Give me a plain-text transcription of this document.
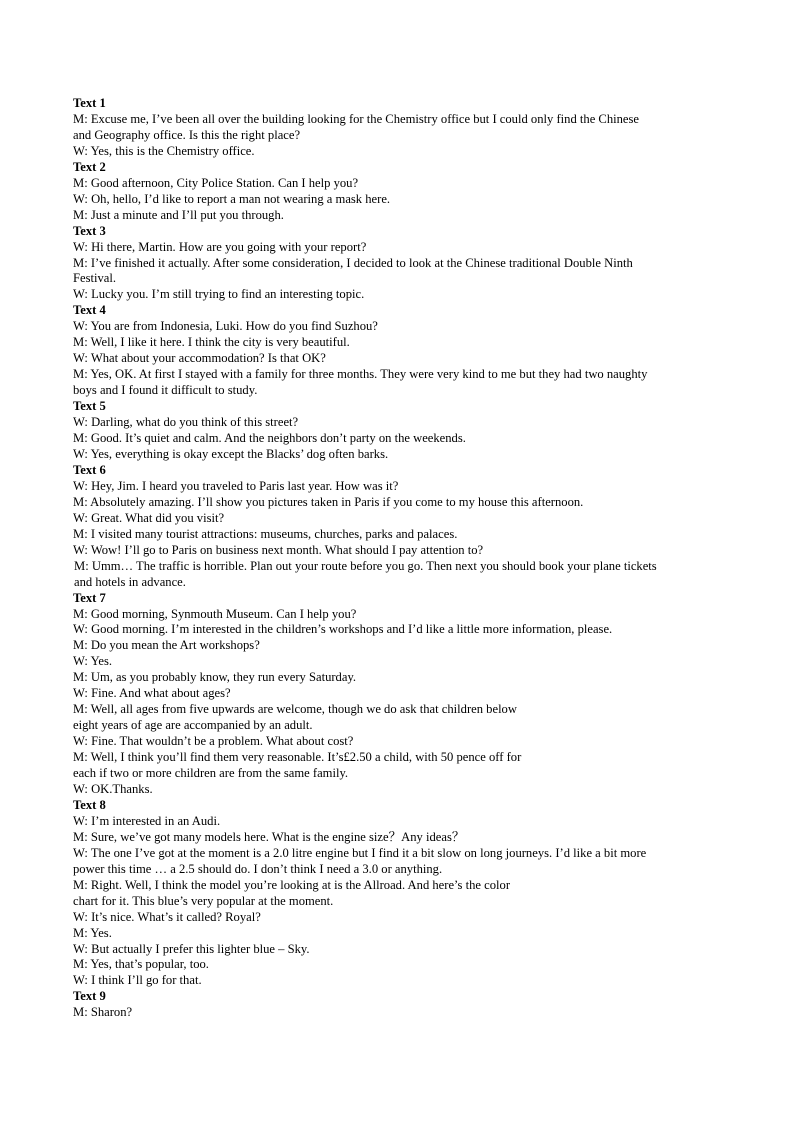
Text 1
M: Excuse me, I’ve been all over the building looking for the Chemistry office but I could only find the Chinese
and Geography office. Is this the right place?
W: Yes, this is the Chemistry office.
Text 2
M: Good afternoon, City Police Station. Can I help you?
W: Oh, hello, I’d like to report a man not wearing a mask here.
M: Just a minute and I’ll put you through.
Text 3
W: Hi there, Martin. How are you going with your report?
M: I’ve finished it actually. After some consideration, I decided to look at the Chinese traditional Double Ninth
Festival.
W: Lucky you. I’m still trying to find an interesting topic.
Text 4
W: You are from Indonesia, Luki. How do you find Suzhou?
M: Well, I like it here. I think the city is very beautiful.
W: What about your accommodation? Is that OK?
M: Yes, OK. At first I stayed with a family for three months. They were very kind to me but they had two naughty
boys and I found it difficult to study.
Text 5
W: Darling, what do you think of this street?
M: Good. It’s quiet and calm. And the neighbors don’t party on the weekends.
W: Yes, everything is okay except the Blacks’ dog often barks.
Text 6
W: Hey, Jim. I heard you traveled to Paris last year. How was it?
M: Absolutely amazing. I’ll show you pictures taken in Paris if you come to my house this afternoon.
W: Great. What did you visit?
M: I visited many tourist attractions: museums, churches, parks and palaces.
W: Wow! I’ll go to Paris on business next month. What should I pay attention to?
M: Umm… The traffic is horrible. Plan out your route before you go. Then next you should book your plane tickets
and hotels in advance.
Text 7
M: Good morning, Synmouth Museum. Can I help you?
W: Good morning. I’m interested in the children’s workshops and I’d like a little more information, please.
M: Do you mean the Art workshops?
W: Yes.
M: Um, as you probably know, they run every Saturday.
W: Fine. And what about ages?
M: Well, all ages from five upwards are welcome, though we do ask that children below
eight years of age are accompanied by an adult.
W: Fine. That wouldn’t be a problem. What about cost?
M: Well, I think you’ll find them very reasonable. It’s£2.50 a child, with 50 pence off for
each if two or more children are from the same family.
W: OK.Thanks.
Text 8
W: I’m interested in an Audi.
M: Sure, we’ve got many models here. What is the engine size？Any ideas？
W: The one I’ve got at the moment is a 2.0 litre engine but I find it a bit slow on long journeys. I’d like a bit more
power this time … a 2.5 should do. I don’t think I need a 3.0 or anything.
M: Right. Well, I think the model you’re looking at is the Allroad. And here’s the color
chart for it. This blue’s very popular at the moment.
W: It’s nice. What’s it called? Royal?
M: Yes.
W: But actually I prefer this lighter blue – Sky.
M: Yes, that’s popular, too.
W: I think I’ll go for that.
Text 9
M: Sharon?
